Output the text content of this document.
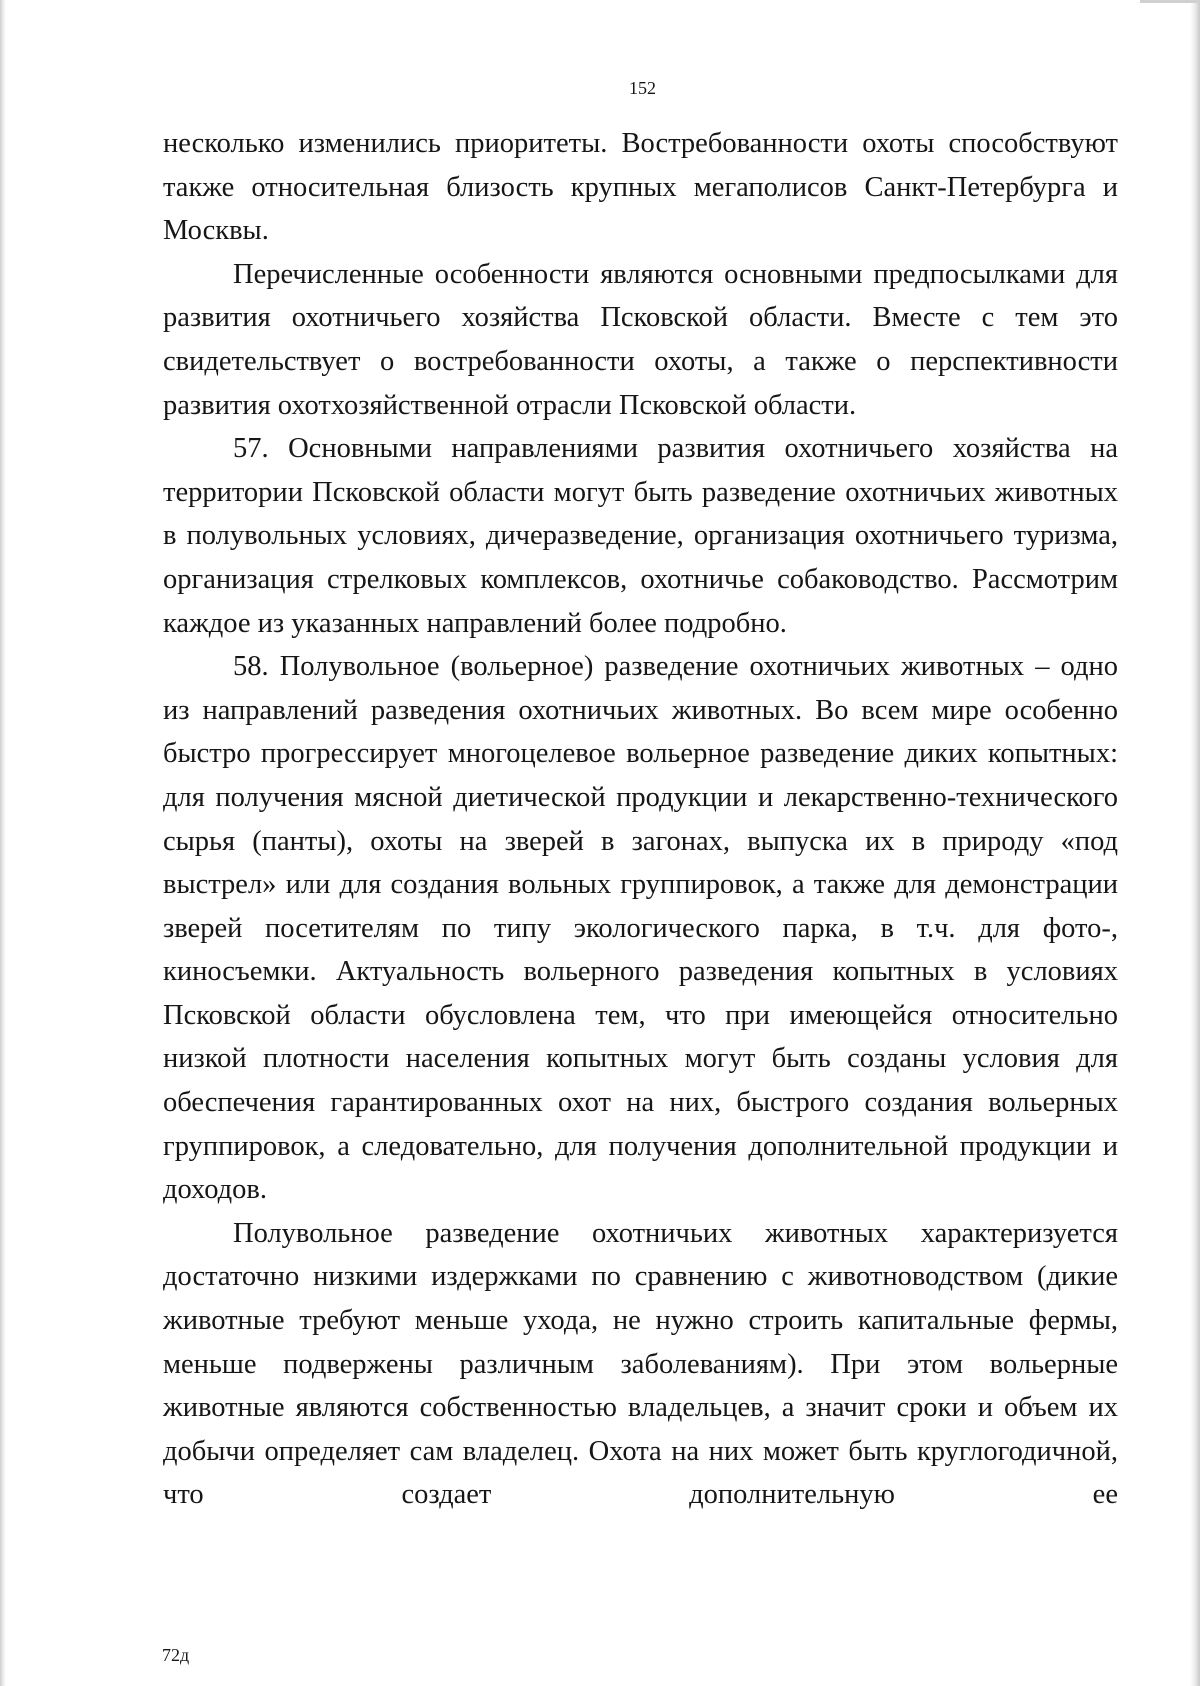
152

несколько изменились приоритеты. Востребованности охоты способствуют также относительная близость крупных мегаполисов Санкт-Петербурга и Москвы.

Перечисленные особенности являются основными предпосылками для развития охотничьего хозяйства Псковской области. Вместе с тем это свидетельствует о востребованности охоты, а также о перспективности развития охотхозяйственной отрасли Псковской области.

57. Основными направлениями развития охотничьего хозяйства на территории Псковской области могут быть разведение охотничьих животных в полувольных условиях, дичеразведение, организация охотничьего туризма, организация стрелковых комплексов, охотничье собаководство. Рассмотрим каждое из указанных направлений более подробно.

58. Полувольное (вольерное) разведение охотничьих животных – одно из направлений разведения охотничьих животных. Во всем мире особенно быстро прогрессирует многоцелевое вольерное разведение диких копытных: для получения мясной диетической продукции и лекарственно-технического сырья (панты), охоты на зверей в загонах, выпуска их в природу «под выстрел» или для создания вольных группировок, а также для демонстрации зверей посетителям по типу экологического парка, в т.ч. для фото-, киносъемки. Актуальность вольерного разведения копытных в условиях Псковской области обусловлена тем, что при имеющейся относительно низкой плотности населения копытных могут быть созданы условия для обеспечения гарантированных охот на них, быстрого создания вольерных группировок, а следовательно, для получения дополнительной продукции и доходов.

Полувольное разведение охотничьих животных характеризуется достаточно низкими издержками по сравнению с животноводством (дикие животные требуют меньше ухода, не нужно строить капитальные фермы, меньше подвержены различным заболеваниям). При этом вольерные животные являются собственностью владельцев, а значит сроки и объем их добычи определяет сам владелец. Охота на них может быть круглогодичной, что создает дополнительную ее

72д
